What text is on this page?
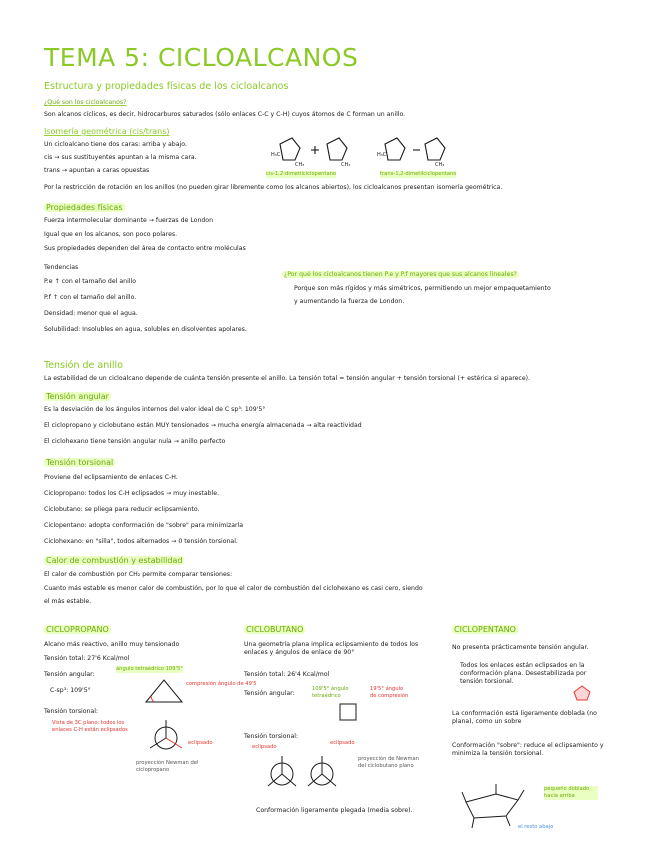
TEMA 5: CICLOALCANOS
Estructura y propiedades físicas de los cicloalcanos
¿Qué son los cicloalcanos?
Son alcanos cíclicos, es decir, hidrocarburos saturados (sólo enlaces C-C y C-H) cuyos átomos de C forman un anillo.
Isomería geométrica (cis/trans)
Un cicloalcano tiene dos caras: arriba y abajo.
cis → sus sustituyentes apuntan a la misma cara.
trans → apuntan a caras opuestas
H₃C
CH₃	CH₃
H₃C
CH₃
cis-1,2-dimetilciclopentano	trans-1,2-dimetilciclopentano
Por la restricción de rotación en los anillos (no pueden girar libremente como los alcanos abiertos), los cicloalcanos presentan isomería geométrica.
Propiedades físicas
Fuerza intermolecular dominante → fuerzas de London
Igual que en los alcanos, son poco polares.
Sus propiedades dependen del área de contacto entre moléculas
Tendencias
P.e ↑ con el tamaño del anillo
P.f ↑ con el tamaño del anillo.
Densidad: menor que el agua.
Solubilidad: Insolubles en agua, solubles en disolventes apolares.
¿Por qué los cicloalcanos tienen P.e y P.f mayores que sus alcanos lineales?
Porque son más rígidos y más simétricos, permitiendo un mejor empaquetamiento
y aumentando la fuerza de London.
Tensión de anillo
La estabilidad de un cicloalcano depende de cuánta tensión presente el anillo. La tensión total = tensión angular + tensión torsional (+ estérica si aparece).
Tensión angular
Es la desviación de los ángulos internos del valor ideal de C sp³: 109'5°
El ciclopropano y ciclobutano están MUY tensionados → mucha energía almacenada → alta reactividad
El ciclohexano tiene tensión angular nula → anillo perfecto
Tensión torsional
Proviene del eclipsamiento de enlaces C-H.
Ciclopropano: todos los C-H eclipsados → muy inestable.
Ciclobutano: se pliega para reducir eclipsamiento.
Ciclopentano: adopta conformación de "sobre" para minimizarla
Ciclohexano: en "silla", todos alternados → 0 tensión torsional.
Calor de combustión y estabilidad
El calor de combustión por CH₂ permite comparar tensiones:
Cuanto más estable es menor calor de combustión, por lo que el calor de combustión del ciclohexano es casi cero, siendo
el más estable.
CICLOPROPANO
Alcano más reactivo, anillo muy tensionado
Tensión total: 27'6 Kcal/mol
Tensión angular:
ángulo tetraédrico 109'5°
C-sp³: 109'5°
compresión ángulo de 49'5
Tensión torsional:
Vista de 3C plano: todos los enlaces C-H están eclipsados
eclipsado
proyección Newman del ciclopropano
CICLOBUTANO
Una geometría plana implica eclipsamiento de todos los enlaces y ángulos de enlace de 90°
Tensión total: 26'4 Kcal/mol
Tensión angular:
109'5° ángulo tetraédrico
19'5° ángulo de compresión
Tensión torsional:
eclipsado
eclipsado
proyección de Newman del ciclobutano plano
Conformación ligeramente plegada (media sobre).
CICLOPENTANO
No presenta prácticamente tensión angular.
Todos los enlaces están eclipsados en la conformación plana. Desestabilizada por tensión torsional.
La conformación está ligeramente doblada (no plana), como un sobre
Conformación "sobre": reduce el eclipsamiento y minimiza la tensión torsional.
pequeño doblado hacia arriba
el resto abajo
